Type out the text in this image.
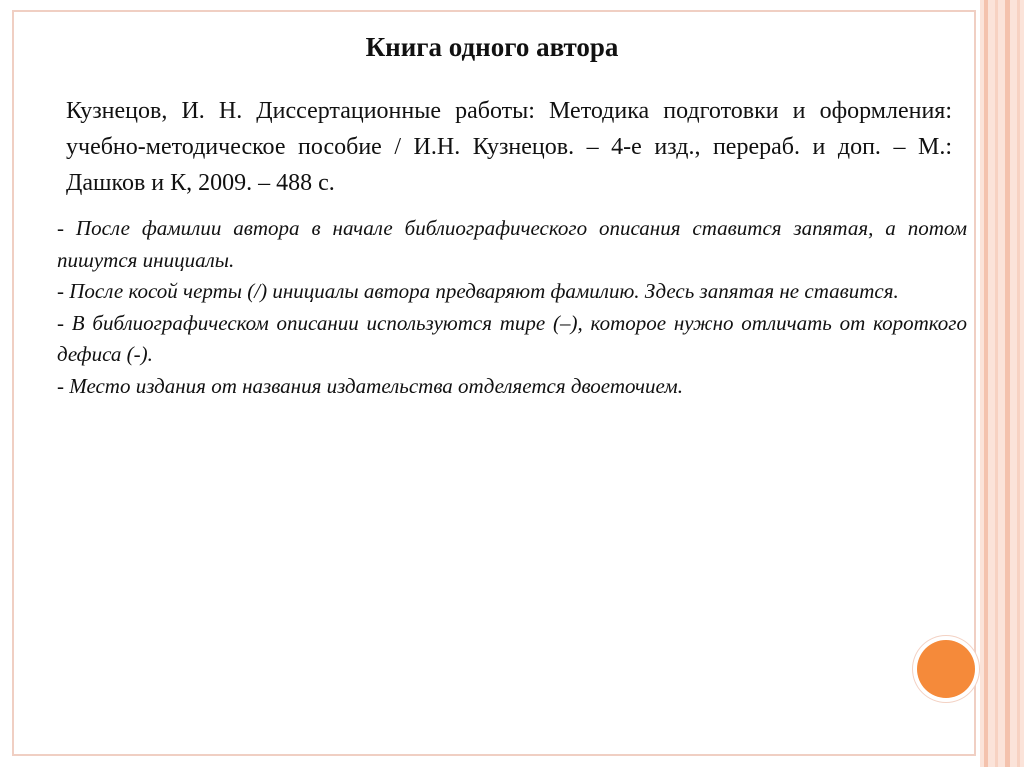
Книга одного автора
Кузнецов, И. Н. Диссертационные работы: Методика подготовки и оформления: учебно-методическое пособие / И.Н. Кузнецов. – 4-е изд., перераб. и доп. – М.: Дашков и К, 2009. – 488 с.

- После фамилии автора в начале библиографического описания ставится запятая, а потом пишутся инициалы.

- После косой черты (/) инициалы автора предваряют фамилию. Здесь запятая не ставится.

- В библиографическом описании используются тире (–), которое нужно отличать от короткого дефиса (-).

- Место издания от названия издательства отделяется двоеточием.
